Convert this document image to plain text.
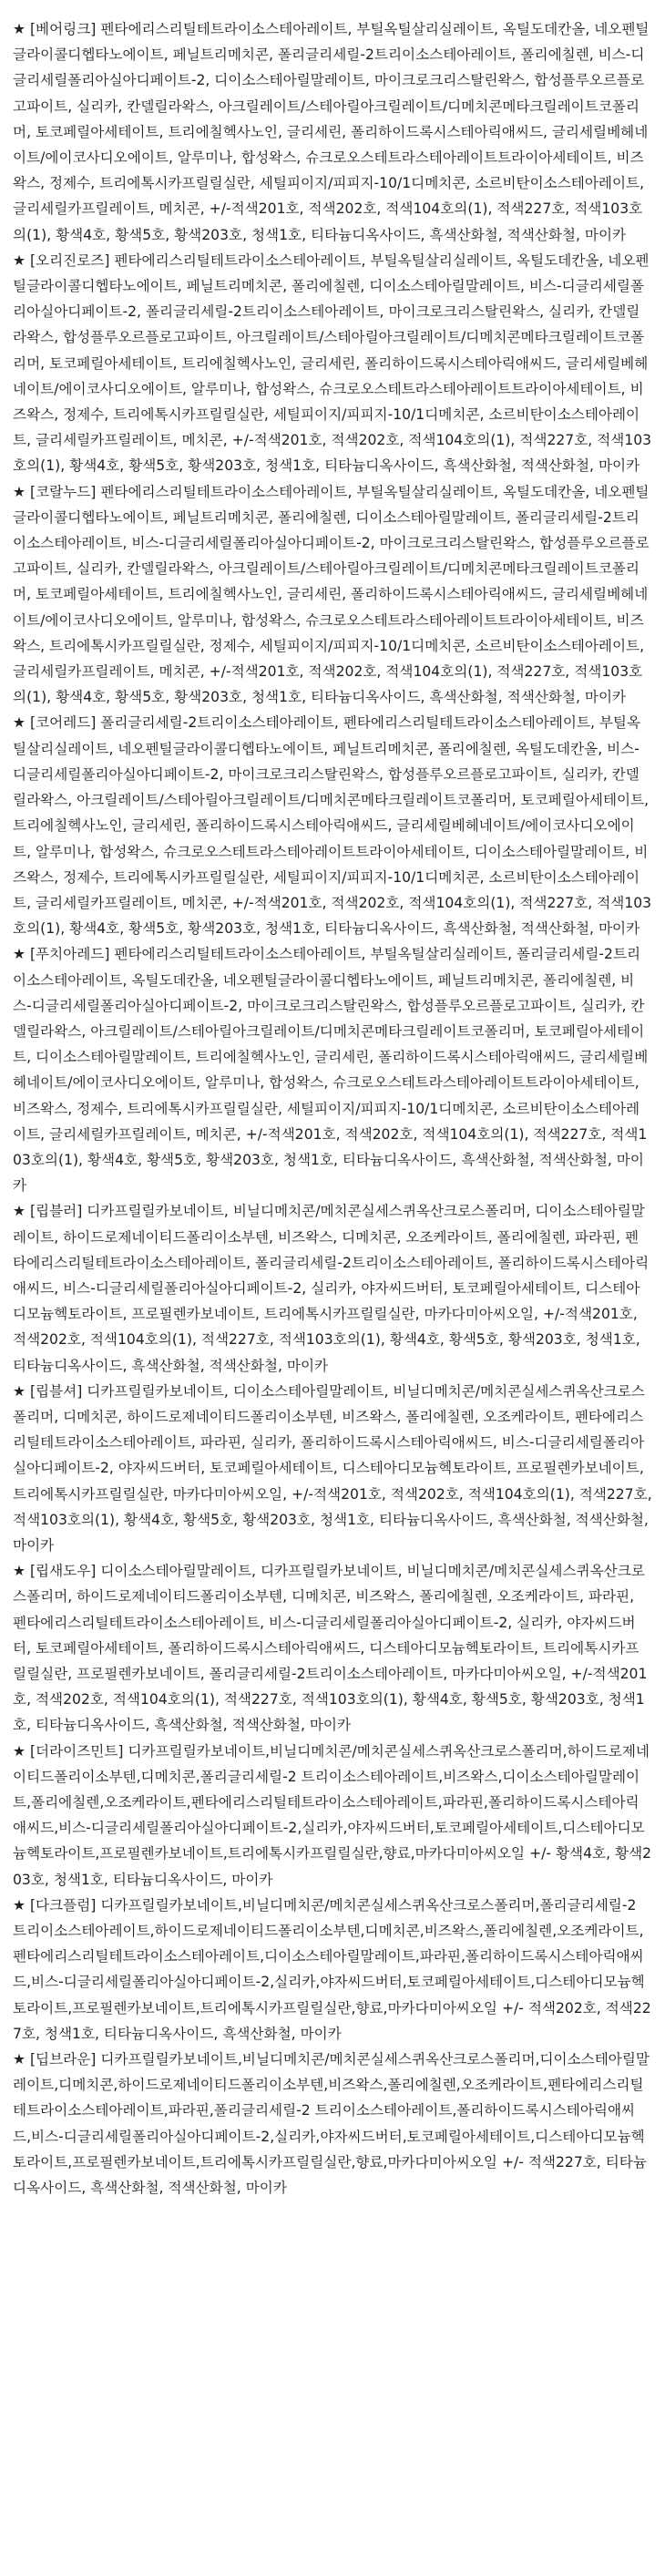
★ [베어링크] 펜타에리스리틸테트라이소스테아레이트, 부틸옥틸살리실레이트, 옥틸도데칸올, 네오펜틸글라이콜디헵타노에이트, 페닐트리메치콘, 폴리글리세릴-2트리이소스테아레이트, 폴리에칠렌, 비스-디글리세릴폴리아실아디페이트-2, 디이소스테아릴말레이트, 마이크로크리스탈린왁스, 합성플루오르플로고파이트, 실리카, 칸델릴라왁스, 아크릴레이트/스테아릴아크릴레이트/디메치콘메타크릴레이트코폴리머, 토코페릴아세테이트, 트리에칠헥사노인, 글리세린, 폴리하이드록시스테아릭애씨드, 글리세릴베헤네이트/에이코사디오에이트, 알루미나, 합성왁스, 슈크로오스테트라스테아레이트트라이아세테이트, 비즈왁스, 정제수, 트리에톡시카프릴릴실란, 세틸피이지/피피지-10/1디메치콘, 소르비탄이소스테아레이트, 글리세릴카프릴레이트, 메치콘, +/-적색201호, 적색202호, 적색104호의(1), 적색227호, 적색103호의(1), 황색4호, 황색5호, 황색203호, 청색1호, 티타늄디옥사이드, 흑색산화철, 적색산화철, 마이카

★ [오리진로즈] 펜타에리스리틸테트라이소스테아레이트, 부틸옥틸살리실레이트, 옥틸도데칸올, 네오펜틸글라이콜디헵타노에이트, 페닐트리메치콘, 폴리에칠렌, 디이소스테아릴말레이트, 비스-디글리세릴폴리아실아디페이트-2, 폴리글리세릴-2트리이소스테아레이트, 마이크로크리스탈린왁스, 실리카, 칸델릴라왁스, 합성플루오르플로고파이트, 아크릴레이트/스테아릴아크릴레이트/디메치콘메타크릴레이트코폴리머, 토코페릴아세테이트, 트리에칠헥사노인, 글리세린, 폴리하이드록시스테아릭애씨드, 글리세릴베헤네이트/에이코사디오에이트, 알루미나, 합성왁스, 슈크로오스테트라스테아레이트트라이아세테이트, 비즈왁스, 정제수, 트리에톡시카프릴릴실란, 세틸피이지/피피지-10/1디메치콘, 소르비탄이소스테아레이트, 글리세릴카프릴레이트, 메치콘, +/-적색201호, 적색202호, 적색104호의(1), 적색227호, 적색103호의(1), 황색4호, 황색5호, 황색203호, 청색1호, 티타늄디옥사이드, 흑색산화철, 적색산화철, 마이카

★ [코랄누드] 펜타에리스리틸테트라이소스테아레이트, 부틸옥틸살리실레이트, 옥틸도데칸올, 네오펜틸글라이콜디헵타노에이트, 페닐트리메치콘, 폴리에칠렌, 디이소스테아릴말레이트, 폴리글리세릴-2트리이소스테아레이트, 비스-디글리세릴폴리아실아디페이트-2, 마이크로크리스탈린왁스, 합성플루오르플로고파이트, 실리카, 칸델릴라왁스, 아크릴레이트/스테아릴아크릴레이트/디메치콘메타크릴레이트코폴리머, 토코페릴아세테이트, 트리에칠헥사노인, 글리세린, 폴리하이드록시스테아릭애씨드, 글리세릴베헤네이트/에이코사디오에이트, 알루미나, 합성왁스, 슈크로오스테트라스테아레이트트라이아세테이트, 비즈왁스, 트리에톡시카프릴릴실란, 정제수, 세틸피이지/피피지-10/1디메치콘, 소르비탄이소스테아레이트, 글리세릴카프릴레이트, 메치콘, +/-적색201호, 적색202호, 적색104호의(1), 적색227호, 적색103호의(1), 황색4호, 황색5호, 황색203호, 청색1호, 티타늄디옥사이드, 흑색산화철, 적색산화철, 마이카

★ [코어레드] 폴리글리세릴-2트리이소스테아레이트, 펜타에리스리틸테트라이소스테아레이트, 부틸옥틸살리실레이트, 네오펜틸글라이콜디헵타노에이트, 페닐트리메치콘, 폴리에칠렌, 옥틸도데칸올, 비스-디글리세릴폴리아실아디페이트-2, 마이크로크리스탈린왁스, 합성플루오르플로고파이트, 실리카, 칸델릴라왁스, 아크릴레이트/스테아릴아크릴레이트/디메치콘메타크릴레이트코폴리머, 토코페릴아세테이트, 트리에칠헥사노인, 글리세린, 폴리하이드록시스테아릭애씨드, 글리세릴베헤네이트/에이코사디오에이트, 알루미나, 합성왁스, 슈크로오스테트라스테아레이트트라이아세테이트, 디이소스테아릴말레이트, 비즈왁스, 정제수, 트리에톡시카프릴릴실란, 세틸피이지/피피지-10/1디메치콘, 소르비탄이소스테아레이트, 글리세릴카프릴레이트, 메치콘, +/-적색201호, 적색202호, 적색104호의(1), 적색227호, 적색103호의(1), 황색4호, 황색5호, 황색203호, 청색1호, 티타늄디옥사이드, 흑색산화철, 적색산화철, 마이카

★ [푸치아레드] 펜타에리스리틸테트라이소스테아레이트, 부틸옥틸살리실레이트, 폴리글리세릴-2트리이소스테아레이트, 옥틸도데칸올, 네오펜틸글라이콜디헵타노에이트, 페닐트리메치콘, 폴리에칠렌, 비스-디글리세릴폴리아실아디페이트-2, 마이크로크리스탈린왁스, 합성플루오르플로고파이트, 실리카, 칸델릴라왁스, 아크릴레이트/스테아릴아크릴레이트/디메치콘메타크릴레이트코폴리머, 토코페릴아세테이트, 디이소스테아릴말레이트, 트리에칠헥사노인, 글리세린, 폴리하이드록시스테아릭애씨드, 글리세릴베헤네이트/에이코사디오에이트, 알루미나, 합성왁스, 슈크로오스테트라스테아레이트트라이아세테이트, 비즈왁스, 정제수, 트리에톡시카프릴릴실란, 세틸피이지/피피지-10/1디메치콘, 소르비탄이소스테아레이트, 글리세릴카프릴레이트, 메치콘, +/-적색201호, 적색202호, 적색104호의(1), 적색227호, 적색103호의(1), 황색4호, 황색5호, 황색203호, 청색1호, 티타늄디옥사이드, 흑색산화철, 적색산화철, 마이카

★ [립블러] 디카프릴릴카보네이트, 비닐디메치콘/메치콘실세스퀴옥산크로스폴리머, 디이소스테아릴말레이트, 하이드로제네이티드폴리이소부텐, 비즈왁스, 디메치콘, 오조케라이트, 폴리에칠렌, 파라핀, 펜타에리스리틸테트라이소스테아레이트, 폴리글리세릴-2트리이소스테아레이트, 폴리하이드록시스테아릭애씨드, 비스-디글리세릴폴리아실아디페이트-2, 실리카, 야자씨드버터, 토코페릴아세테이트, 디스테아디모늄헥토라이트, 프로필렌카보네이트, 트리에톡시카프릴릴실란, 마카다미아씨오일, +/-적색201호, 적색202호, 적색104호의(1), 적색227호, 적색103호의(1), 황색4호, 황색5호, 황색203호, 청색1호, 티타늄디옥사이드, 흑색산화철, 적색산화철, 마이카

★ [립블셔] 디카프릴릴카보네이트, 디이소스테아릴말레이트, 비닐디메치콘/메치콘실세스퀴옥산크로스폴리머, 디메치콘, 하이드로제네이티드폴리이소부텐, 비즈왁스, 폴리에칠렌, 오조케라이트, 펜타에리스리틸테트라이소스테아레이트, 파라핀, 실리카, 폴리하이드록시스테아릭애씨드, 비스-디글리세릴폴리아실아디페이트-2, 야자씨드버터, 토코페릴아세테이트, 디스테아디모늄헥토라이트, 프로필렌카보네이트, 트리에톡시카프릴릴실란, 마카다미아씨오일, +/-적색201호, 적색202호, 적색104호의(1), 적색227호, 적색103호의(1), 황색4호, 황색5호, 황색203호, 청색1호, 티타늄디옥사이드, 흑색산화철, 적색산화철, 마이카

★ [립새도우] 디이소스테아릴말레이트, 디카프릴릴카보네이트, 비닐디메치콘/메치콘실세스퀴옥산크로스폴리머, 하이드로제네이티드폴리이소부텐, 디메치콘, 비즈왁스, 폴리에칠렌, 오조케라이트, 파라핀, 펜타에리스리틸테트라이소스테아레이트, 비스-디글리세릴폴리아실아디페이트-2, 실리카, 야자씨드버터, 토코페릴아세테이트, 폴리하이드록시스테아릭애씨드, 디스테아디모늄헥토라이트, 트리에톡시카프릴릴실란, 프로필렌카보네이트, 폴리글리세릴-2트리이소스테아레이트, 마카다미아씨오일, +/-적색201호, 적색202호, 적색104호의(1), 적색227호, 적색103호의(1), 황색4호, 황색5호, 황색203호, 청색1호, 티타늄디옥사이드, 흑색산화철, 적색산화철, 마이카

★ [더라이즈민트] 디카프릴릴카보네이트,비닐디메치콘/메치콘실세스퀴옥산크로스폴리머,하이드로제네이티드폴리이소부텐,디메치콘,폴리글리세릴-2 트리이소스테아레이트,비즈왁스,디이소스테아릴말레이트,폴리에칠렌,오조케라이트,펜타에리스리틸테트라이소스테아레이트,파라핀,폴리하이드록시스테아릭애씨드,비스-디글리세릴폴리아실아디페이트-2,실리카,야자씨드버터,토코페릴아세테이트,디스테아디모늄헥토라이트,프로필렌카보네이트,트리에톡시카프릴릴실란,향료,마카다미아씨오일 +/- 황색4호, 황색203호, 청색1호, 티타늄디옥사이드, 마이카

★ [다크플럼] 디카프릴릴카보네이트,비닐디메치콘/메치콘실세스퀴옥산크로스폴리머,폴리글리세릴-2 트리이소스테아레이트,하이드로제네이티드폴리이소부텐,디메치콘,비즈왁스,폴리에칠렌,오조케라이트,펜타에리스리틸테트라이소스테아레이트,디이소스테아릴말레이트,파라핀,폴리하이드록시스테아릭애씨드,비스-디글리세릴폴리아실아디페이트-2,실리카,야자씨드버터,토코페릴아세테이트,디스테아디모늄헥토라이트,프로필렌카보네이트,트리에톡시카프릴릴실란,향료,마카다미아씨오일 +/- 적색202호, 적색227호, 청색1호, 티타늄디옥사이드, 흑색산화철, 마이카

★ [딥브라운] 디카프릴릴카보네이트,비닐디메치콘/메치콘실세스퀴옥산크로스폴리머,디이소스테아릴말레이트,디메치콘,하이드로제네이티드폴리이소부텐,비즈왁스,폴리에칠렌,오조케라이트,펜타에리스리틸테트라이소스테아레이트,파라핀,폴리글리세릴-2 트리이소스테아레이트,폴리하이드록시스테아릭애씨드,비스-디글리세릴폴리아실아디페이트-2,실리카,야자씨드버터,토코페릴아세테이트,디스테아디모늄헥토라이트,프로필렌카보네이트,트리에톡시카프릴릴실란,향료,마카다미아씨오일 +/- 적색227호, 티타늄디옥사이드, 흑색산화철, 적색산화철, 마이카
